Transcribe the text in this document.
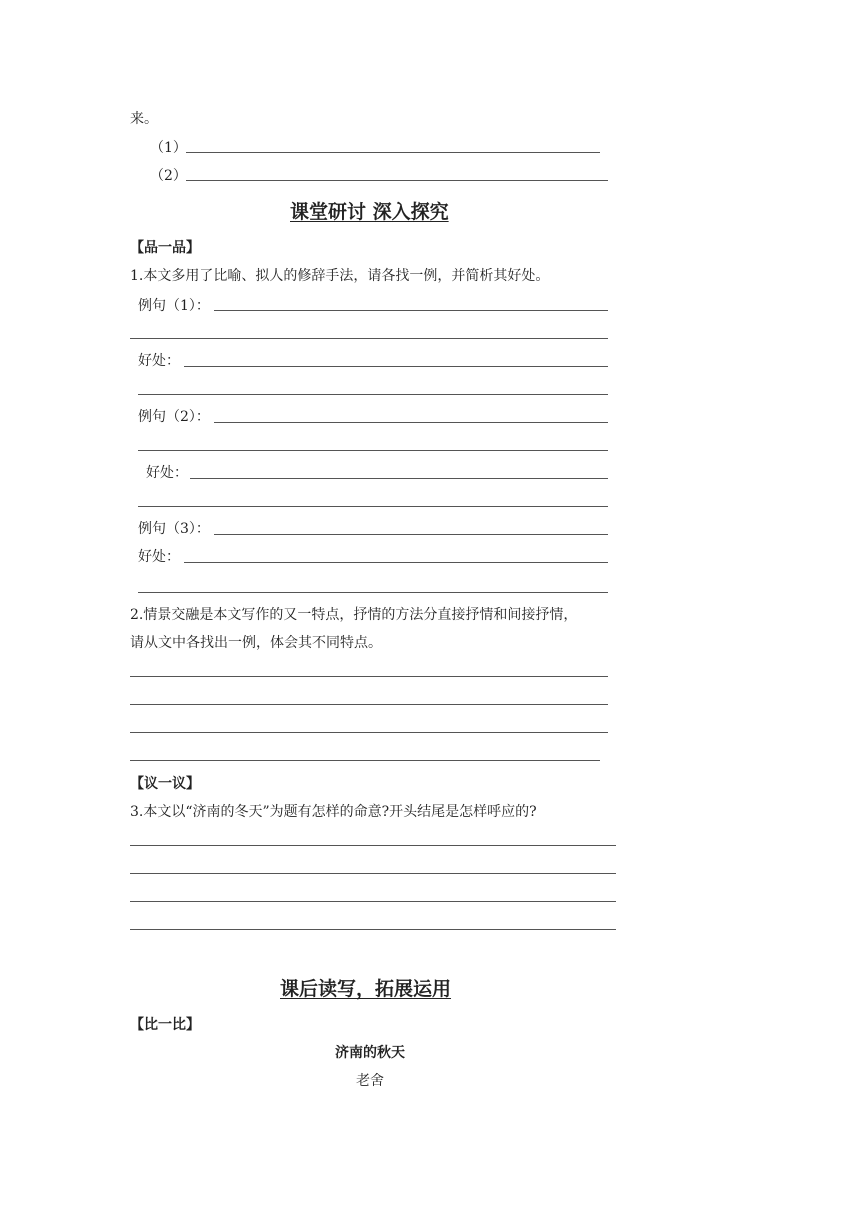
来。
（1）
（2）
课堂研讨 深入探究
【品一品】
1.本文多用了比喻、拟人的修辞手法，请各找一例，并简析其好处。
例句（1）：
好处：
例句（2）：
好处：
例句（3）：
好处：
2.情景交融是本文写作的又一特点，抒情的方法分直接抒情和间接抒情，
请从文中各找出一例，体会其不同特点。
【议一议】
3.本文以“济南的冬天”为题有怎样的命意?开头结尾是怎样呼应的?
课后读写，拓展运用
【比一比】
济南的秋天
老舍
